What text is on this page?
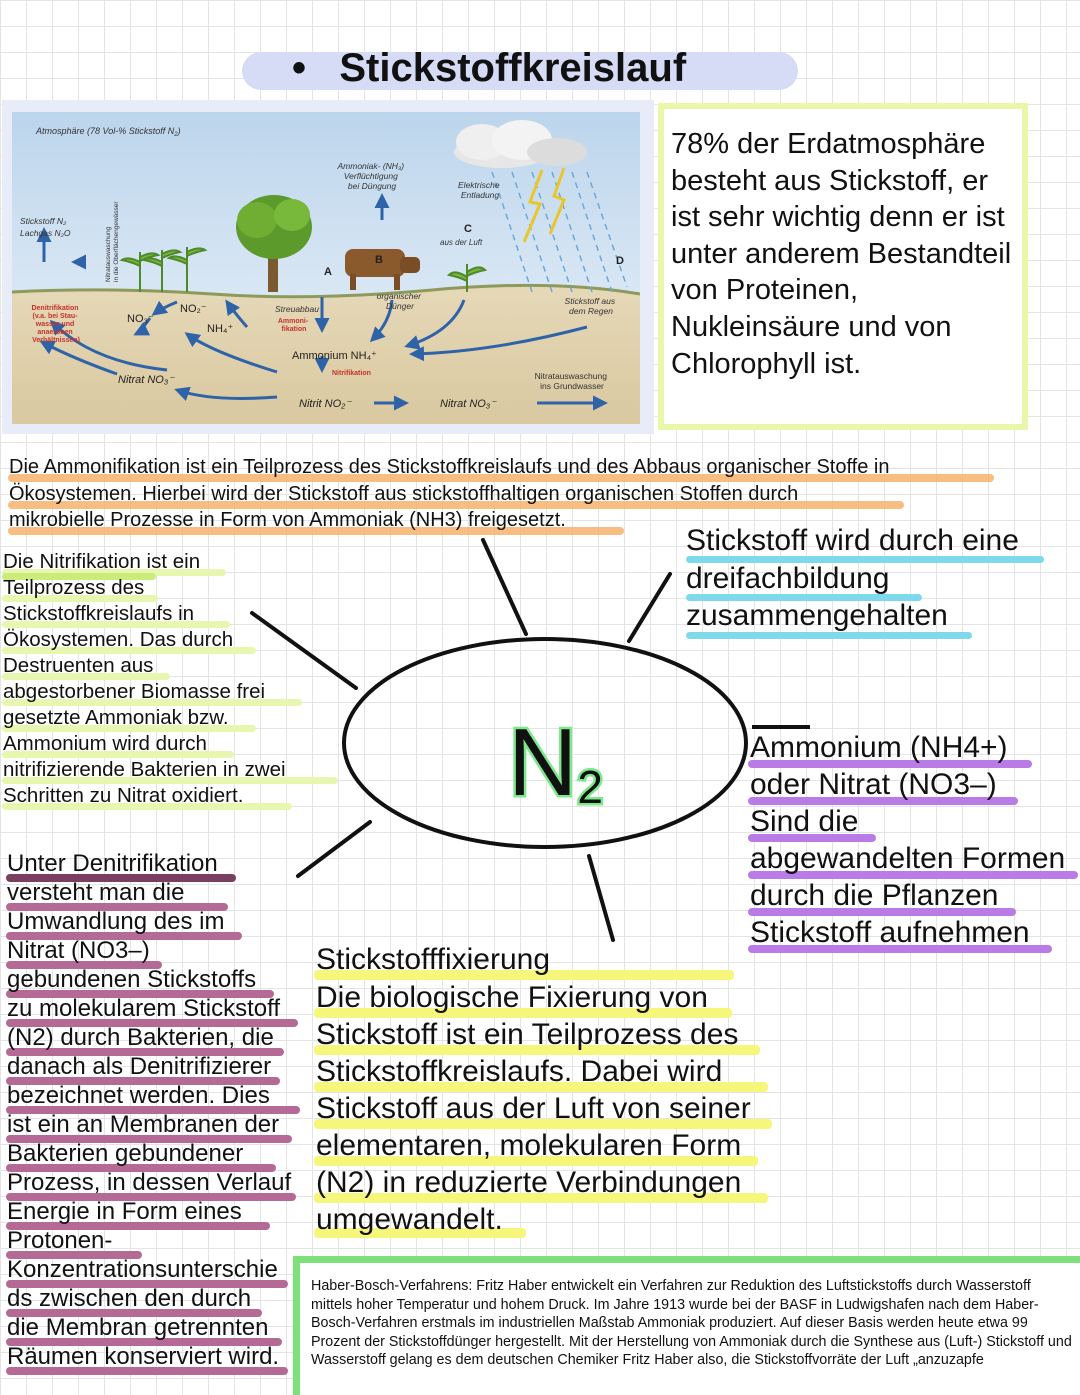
• Stickstoffkreislauf
Atmosphäre (78 Vol-% Stickstoff $N_2$)
Stickstoff N₂ Lachgas N₂O	Nitratauswaschung in die Oberflächengewässer
Denitrifikation (v.a. bei Stau- wasser und anaeroben Verhältnissen)
Ammoniak- (NH₃) Verflüchtigung bei Düngung	Elektrische Entladung
A
B
C
aus der Luft
D
organischer Dünger	Stickstoff aus dem Regen
Streuabbau
Ammoni- fikation
NO₃⁻
NO₂⁻
NH₄⁺
Ammonium NH₄⁺
Nitrifikation
Nitrat NO₃⁻
Nitrit NO₂⁻	Nitrat NO₃⁻
Nitratauswaschung ins Grundwasser
78% der Erdatmosphäre besteht aus Stickstoff, er ist sehr wichtig denn er ist unter anderem Bestandteil von Proteinen, Nukleinsäure und von Chlorophyll ist.
Die Ammonifikation ist ein Teilprozess des Stickstoffkreislaufs und des Abbaus organischer Stoffe in
Ökosystemen. Hierbei wird der Stickstoff aus stickstoffhaltigen organischen Stoffen durch
mikrobielle Prozesse in Form von Ammoniak (NH3) freigesetzt.
Die Nitrifikation ist ein
Teilprozess des
Stickstoffkreislaufs in
Ökosystemen. Das durch
Destruenten aus
abgestorbener Biomasse frei
gesetzte Ammoniak bzw.
Ammonium wird durch
nitrifizierende Bakterien in zwei
Schritten zu Nitrat oxidiert.
Stickstoff wird durch eine
dreifachbildung
zusammengehalten
N2
Ammonium (NH4+)
oder Nitrat (NO3–)
Sind die
abgewandelten Formen
durch die Pflanzen
Stickstoff aufnehmen
Unter Denitrifikation
versteht man die
Umwandlung des im
Nitrat (NO3–)
gebundenen Stickstoffs
zu molekularem Stickstoff
(N2) durch Bakterien, die
danach als Denitrifizierer
bezeichnet werden. Dies
ist ein an Membranen der
Bakterien gebundener
Prozess, in dessen Verlauf
Energie in Form eines
Protonen-
Konzentrationsunterschie
ds zwischen den durch
die Membran getrennten
Räumen konserviert wird.
Stickstofffixierung
Die biologische Fixierung von
Stickstoff ist ein Teilprozess des
Stickstoffkreislaufs. Dabei wird
Stickstoff aus der Luft von seiner
elementaren, molekularen Form
(N2) in reduzierte Verbindungen
umgewandelt.
Haber-Bosch-Verfahrens: Fritz Haber entwickelt ein Verfahren zur Reduktion des Luftstickstoffs durch Wasserstoff mittels hoher Temperatur und hohem Druck. Im Jahre 1913 wurde bei der BASF in Ludwigshafen nach dem Haber-Bosch-Verfahren erstmals im industriellen Maßstab Ammoniak produziert. Auf dieser Basis werden heute etwa 99 Prozent der Stickstoffdünger hergestellt. Mit der Herstellung von Ammoniak durch die Synthese aus (Luft-) Stickstoff und Wasserstoff gelang es dem deutschen Chemiker Fritz Haber also, die Stickstoffvorräte der Luft „anzuzapfe
